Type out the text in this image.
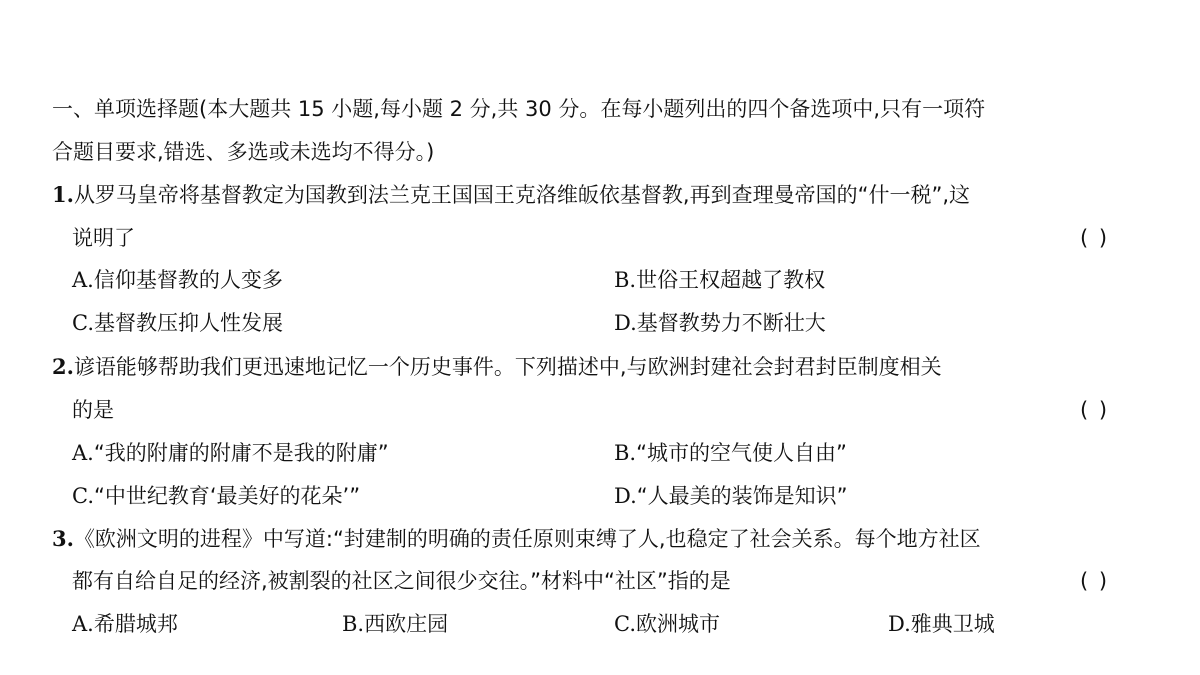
一、单项选择题(本大题共 15 小题,每小题 2 分,共 30 分。在每小题列出的四个备选项中,只有一项符
合题目要求,错选、多选或未选均不得分。)
1.从罗马皇帝将基督教定为国教到法兰克王国国王克洛维皈依基督教,再到查理曼帝国的“什一税”,这
说明了	( )
A.信仰基督教的人变多	B.世俗王权超越了教权
C.基督教压抑人性发展	D.基督教势力不断壮大
2.谚语能够帮助我们更迅速地记忆一个历史事件。下列描述中,与欧洲封建社会封君封臣制度相关
的是	( )
A.“我的附庸的附庸不是我的附庸”	B.“城市的空气使人自由”
C.“中世纪教育‘最美好的花朵’”	D.“人最美的装饰是知识”
3.《欧洲文明的进程》中写道:“封建制的明确的责任原则束缚了人,也稳定了社会关系。每个地方社区
都有自给自足的经济,被割裂的社区之间很少交往。”材料中“社区”指的是	( )
A.希腊城邦	B.西欧庄园	C.欧洲城市	D.雅典卫城
